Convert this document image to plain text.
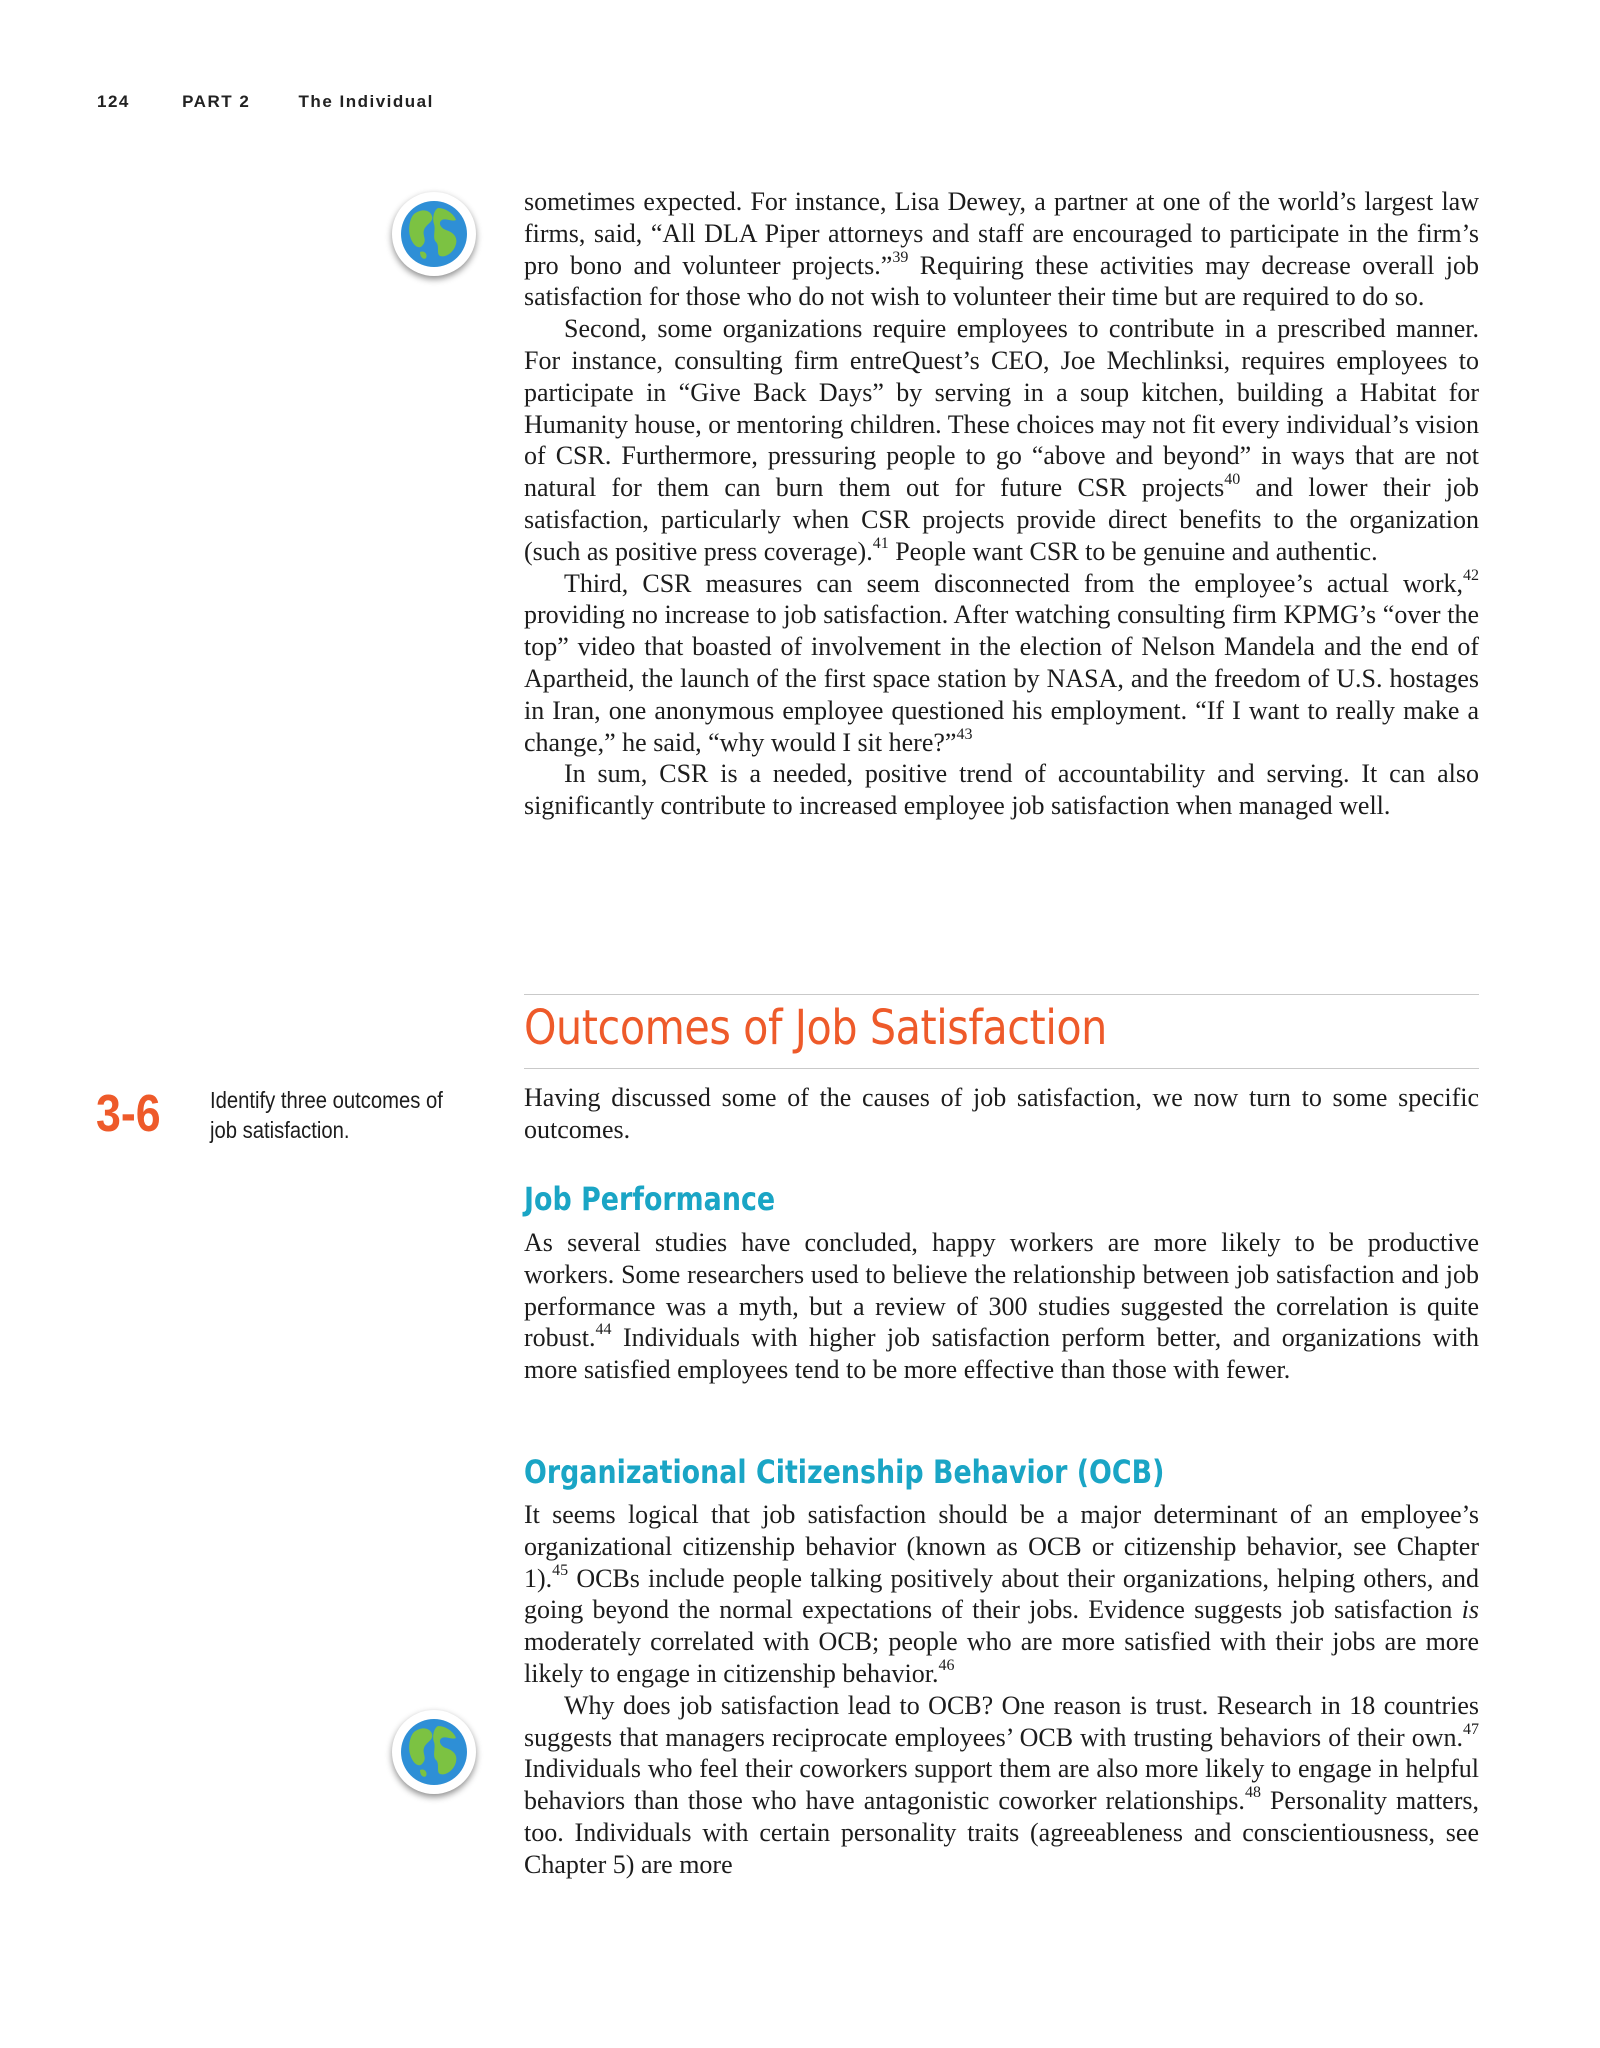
124	PART 2	The Individual

sometimes expected. For instance, Lisa Dewey, a partner at one of the world’s largest law firms, said, “All DLA Piper attorneys and staff are encouraged to participate in the firm’s pro bono and volunteer projects.”$^{39}$ Requiring these activities may decrease overall job satisfaction for those who do not wish to volunteer their time but are required to do so.

Second, some organizations require employees to contribute in a prescribed manner. For instance, consulting firm entreQuest’s CEO, Joe Mechlinksi, requires employees to participate in “Give Back Days” by serving in a soup kitchen, building a Habitat for Humanity house, or mentoring children. These choices may not fit every individual’s vision of CSR. Furthermore, pressuring people to go “above and beyond” in ways that are not natural for them can burn them out for future CSR projects$^{40}$ and lower their job satisfaction, particularly when CSR projects provide direct benefits to the organization (such as positive press coverage).$^{41}$ People want CSR to be genuine and authentic.

Third, CSR measures can seem disconnected from the employee’s actual work,$^{42}$ providing no increase to job satisfaction. After watching consulting firm KPMG’s “over the top” video that boasted of involvement in the election of Nelson Mandela and the end of Apartheid, the launch of the first space station by NASA, and the freedom of U.S. hostages in Iran, one anonymous employee questioned his employment. “If I want to really make a change,” he said, “why would I sit here?”$^{43}$

In sum, CSR is a needed, positive trend of accountability and serving. It can also significantly contribute to increased employee job satisfaction when managed well.

Outcomes of Job Satisfaction
3-6 Identify three outcomes of job satisfaction.

Having discussed some of the causes of job satisfaction, we now turn to some specific outcomes.

Job Performance

As several studies have concluded, happy workers are more likely to be productive workers. Some researchers used to believe the relationship between job satisfaction and job performance was a myth, but a review of 300 studies suggested the correlation is quite robust.$^{44}$ Individuals with higher job satisfaction perform better, and organizations with more satisfied employees tend to be more effective than those with fewer.

Organizational Citizenship Behavior (OCB)

It seems logical that job satisfaction should be a major determinant of an employee’s organizational citizenship behavior (known as OCB or citizenship behavior, see Chapter 1).$^{45}$ OCBs include people talking positively about their organizations, helping others, and going beyond the normal expectations of their jobs. Evidence suggests job satisfaction is moderately correlated with OCB; people who are more satisfied with their jobs are more likely to engage in citizenship behavior.$^{46}$

Why does job satisfaction lead to OCB? One reason is trust. Research in 18 countries suggests that managers reciprocate employees’ OCB with trusting behaviors of their own.$^{47}$ Individuals who feel their coworkers support them are also more likely to engage in helpful behaviors than those who have antagonistic coworker relationships.$^{48}$ Personality matters, too. Individuals with certain personality traits (agreeableness and conscientiousness, see Chapter 5) are more
